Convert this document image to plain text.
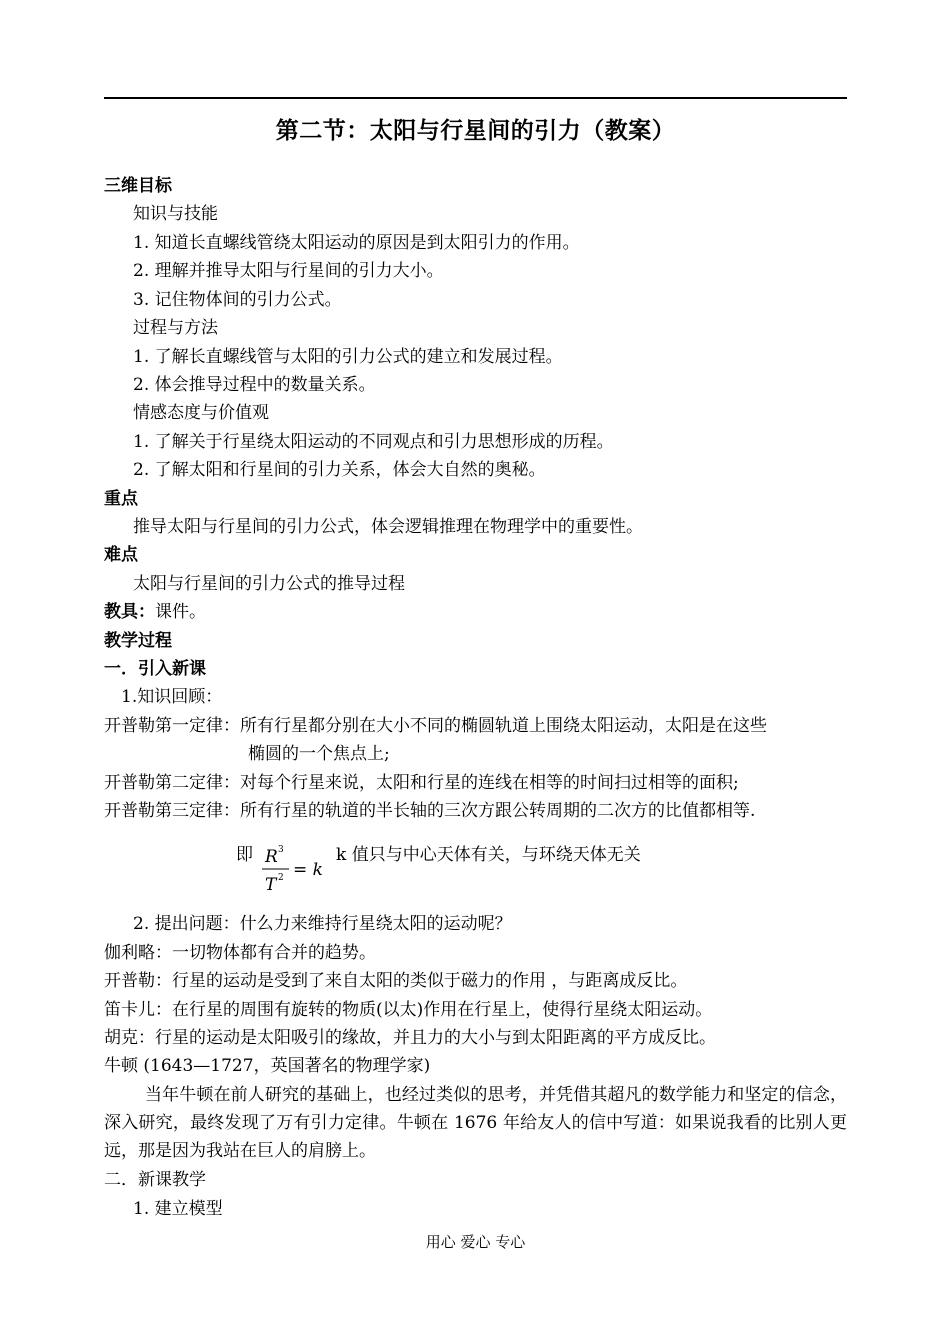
第二节：太阳与行星间的引力（教案）
三维目标
知识与技能
1. 知道长直螺线管绕太阳运动的原因是到太阳引力的作用。
2. 理解并推导太阳与行星间的引力大小。
3. 记住物体间的引力公式。
过程与方法
1. 了解长直螺线管与太阳的引力公式的建立和发展过程。
2. 体会推导过程中的数量关系。
情感态度与价值观
1. 了解关于行星绕太阳运动的不同观点和引力思想形成的历程。
2. 了解太阳和行星间的引力关系，体会大自然的奥秘。
重点
推导太阳与行星间的引力公式，体会逻辑推理在物理学中的重要性。
难点
太阳与行星间的引力公式的推导过程
教具：课件。
教学过程
一．引入新课
1.知识回顾：
开普勒第一定律：所有行星都分别在大小不同的椭圆轨道上围绕太阳运动，太阳是在这些
椭圆的一个焦点上;
开普勒第二定律：对每个行星来说，太阳和行星的连线在相等的时间扫过相等的面积;
开普勒第三定律：所有行星的轨道的半长轴的三次方跟公转周期的二次方的比值都相等.
即 R 3
T 2 = k
k 值只与中心天体有关，与环绕天体无关
2. 提出问题：什么力来维持行星绕太阳的运动呢？
伽利略：一切物体都有合并的趋势。
开普勒：行星的运动是受到了来自太阳的类似于磁力的作用 ，与距离成反比。
笛卡儿：在行星的周围有旋转的物质(以太)作用在行星上，使得行星绕太阳运动。
胡克：行星的运动是太阳吸引的缘故，并且力的大小与到太阳距离的平方成反比。
牛顿 (1643—1727，英国著名的物理学家)
当年牛顿在前人研究的基础上，也经过类似的思考，并凭借其超凡的数学能力和坚定的信念，深入研究，最终发现了万有引力定律。牛顿在 1676 年给友人的信中写道：如果说我看的比别人更远，那是因为我站在巨人的肩膀上。
二．新课教学
1. 建立模型
用心 爱心 专心
